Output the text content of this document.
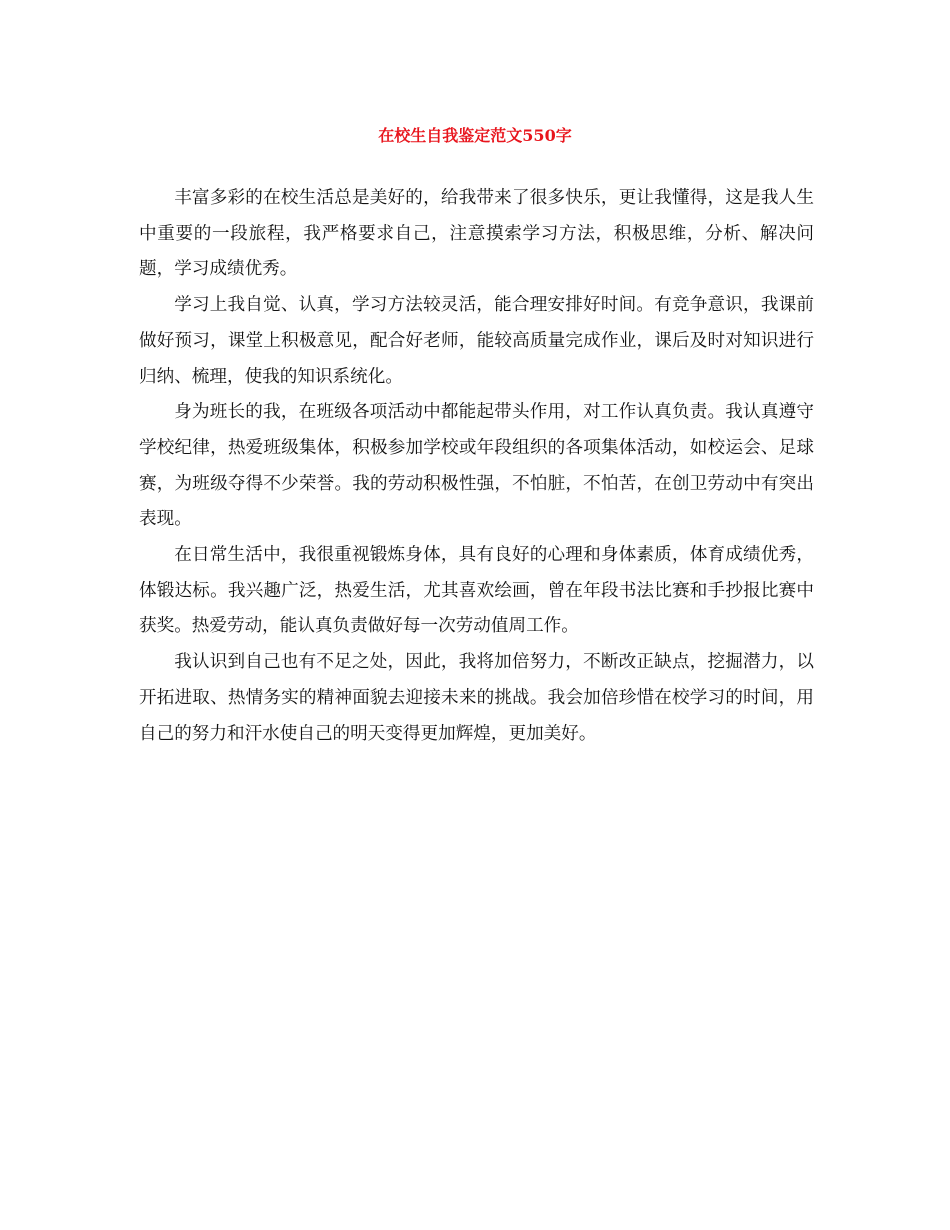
在校生自我鉴定范文550字

丰富多彩的在校生活总是美好的，给我带来了很多快乐，更让我懂得，这是我人生中重要的一段旅程，我严格要求自己，注意摸索学习方法，积极思维，分析、解决问题，学习成绩优秀。

学习上我自觉、认真，学习方法较灵活，能合理安排好时间。有竞争意识，我课前做好预习，课堂上积极意见，配合好老师，能较高质量完成作业，课后及时对知识进行归纳、梳理，使我的知识系统化。

身为班长的我，在班级各项活动中都能起带头作用，对工作认真负责。我认真遵守学校纪律，热爱班级集体，积极参加学校或年段组织的各项集体活动，如校运会、足球赛，为班级夺得不少荣誉。我的劳动积极性强，不怕脏，不怕苦，在创卫劳动中有突出表现。

在日常生活中，我很重视锻炼身体，具有良好的心理和身体素质，体育成绩优秀，体锻达标。我兴趣广泛，热爱生活，尤其喜欢绘画，曾在年段书法比赛和手抄报比赛中获奖。热爱劳动，能认真负责做好每一次劳动值周工作。

我认识到自己也有不足之处，因此，我将加倍努力，不断改正缺点，挖掘潜力，以开拓进取、热情务实的精神面貌去迎接未来的挑战。我会加倍珍惜在校学习的时间，用自己的努力和汗水使自己的明天变得更加辉煌，更加美好。
